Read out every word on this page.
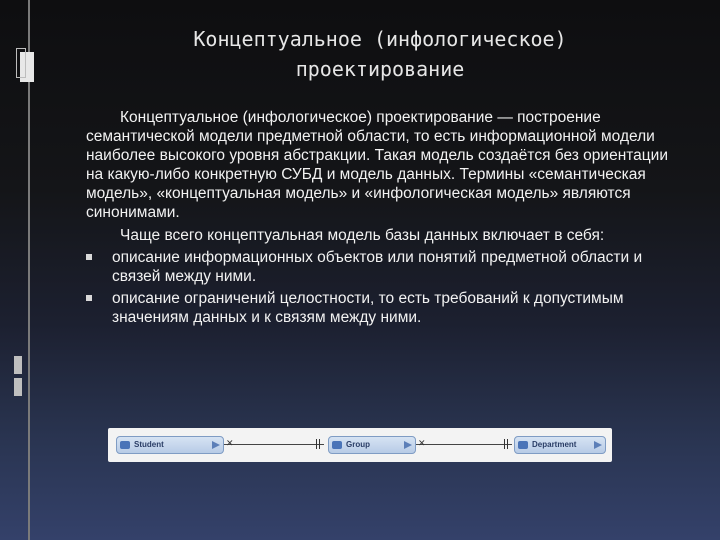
Концептуальное (инфологическое)
проектирование

Концептуальное (инфологическое) проектирование — построение семантической модели предметной области, то есть информационной модели наиболее высокого уровня абстракции. Такая модель создаётся без ориентации на какую-либо конкретную СУБД и модель данных. Термины «семантическая модель», «концептуальная модель» и «инфологическая модель» являются синонимами.

Чаще всего концептуальная модель базы данных включает в себя:

описание информационных объектов или понятий предметной области и связей между ними.
описание ограничений целостности, то есть требований к допустимым значениям данных и к связям между ними.
✕	✕
Student	Group	Department
